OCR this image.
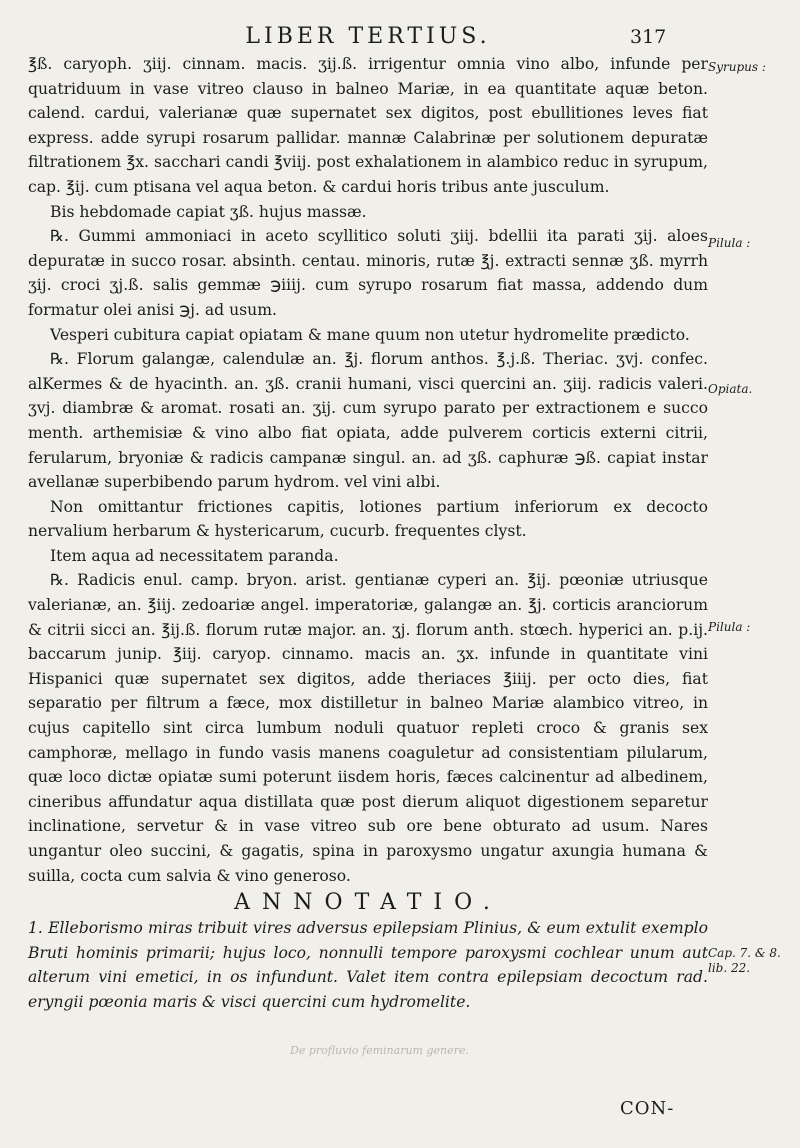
LIBER TERTIUS.	317

℥ß. caryoph. ʒiij. cinnam. macis. ʒij.ß. irrigentur omnia vino albo, infunde per quatriduum in vase vitreo clauso in balneo Mariæ, in ea quantitate aquæ beton. calend. cardui, valerianæ quæ supernatet sex digitos, post ebullitiones leves fiat express. adde syrupi rosarum pallidar. mannæ Calabrinæ per solutionem depuratæ filtrationem ℥x. sacchari candi ℥viij. post exhalationem in alambico reduc in syrupum, cap. ℥ij. cum ptisana vel aqua beton. & cardui horis tribus ante jusculum.

Bis hebdomade capiat ʒß. hujus massæ.

℞. Gummi ammoniaci in aceto scyllitico soluti ʒiij. bdellii ita parati ʒij. aloes depuratæ in succo rosar. absinth. centau. minoris, rutæ ℥j. extracti sennæ ʒß. myrrh ʒij. croci ʒj.ß. salis gemmæ ℈iiij. cum syrupo rosarum fiat massa, addendo dum formatur olei anisi ℈j. ad usum.

Vesperi cubitura capiat opiatam & mane quum non utetur hydromelite prædicto.

℞. Florum galangæ, calendulæ an. ℥j. florum anthos. ℥.j.ß. Theriac. ʒvj. confec. alKermes & de hyacinth. an. ʒß. cranii humani, visci quercini an. ʒiij. radicis valeri. ʒvj. diambræ & aromat. rosati an. ʒij. cum syrupo parato per extractionem e succo menth. arthemisiæ & vino albo fiat opiata, adde pulverem corticis externi citrii, ferularum, bryoniæ & radicis campanæ singul. an. ad ʒß. caphuræ ℈ß. capiat instar avellanæ superbibendo parum hydrom. vel vini albi.

Non omittantur frictiones capitis, lotiones partium inferiorum ex decocto nervalium herbarum & hystericarum, cucurb. frequentes clyst.

Item aqua ad necessitatem paranda.

℞. Radicis enul. camp. bryon. arist. gentianæ cyperi an. ℥ij. pœoniæ utriusque valerianæ, an. ℥iij. zedoariæ angel. imperatoriæ, galangæ an. ℥j. corticis aranciorum & citrii sicci an. ℥ij.ß. florum rutæ major. an. ʒj. florum anth. stœch. hyperici an. p.ij. baccarum junip. ℥iij. caryop. cinnamo. macis an. ʒx. infunde in quantitate vini Hispanici quæ supernatet sex digitos, adde theriaces ℥iiij. per octo dies, fiat separatio per filtrum a fæce, mox distilletur in balneo Mariæ alambico vitreo, in cujus capitello sint circa lumbum noduli quatuor repleti croco & granis sex camphoræ, mellago in fundo vasis manens coaguletur ad consistentiam pilularum, quæ loco dictæ opiatæ sumi poterunt iisdem horis, fæces calcinentur ad albedinem, cineribus affundatur aqua distillata quæ post dierum aliquot digestionem separetur inclinatione, servetur & in vase vitreo sub ore bene obturato ad usum. Nares ungantur oleo succini, & gagatis, spina in paroxysmo ungatur axungia humana & suilla, cocta cum salvia & vino generoso.

ANNOTATIO.

1. Elleborismo miras tribuit vires adversus epilepsiam Plinius, & eum extulit exemplo Bruti hominis primarii; hujus loco, nonnulli tempore paroxysmi cochlear unum aut alterum vini emetici, in os infundunt. Valet item contra epilepsiam decoctum rad. eryngii pœonia maris & visci quercini cum hydromelite.

Syrupus :
Pilula :
Opiata.
Pilula :
Cap. 7. & 8. lib. 22.
De profluvio feminarum genere.
CON-
